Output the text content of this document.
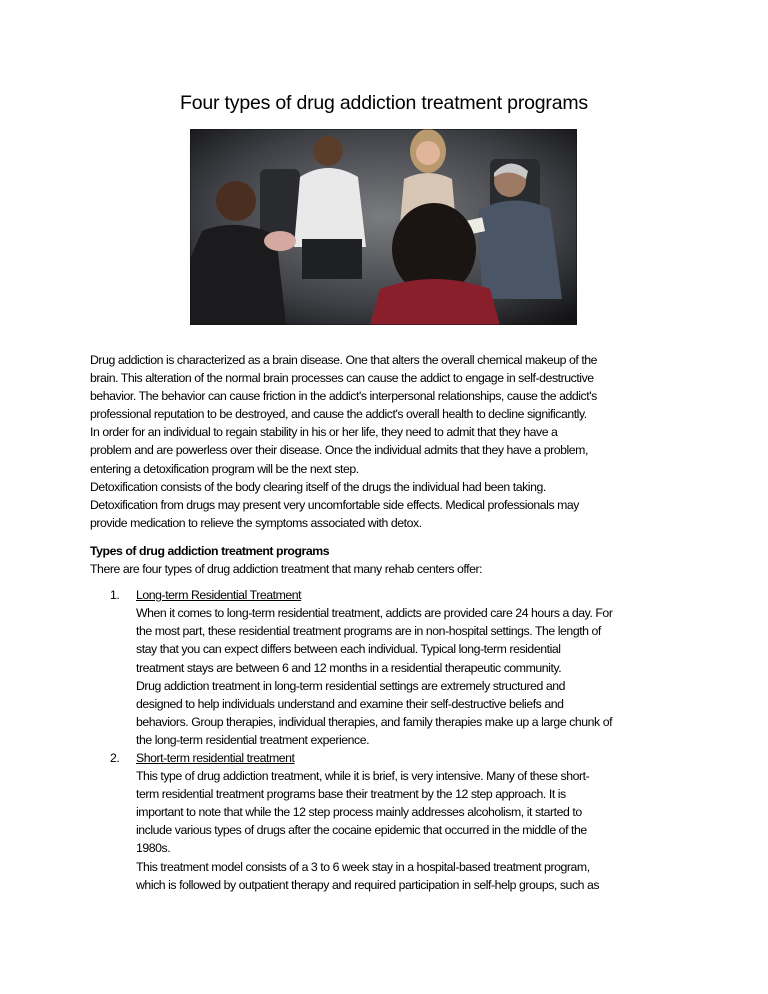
Four types of drug addiction treatment programs

Drug addiction is characterized as a brain disease. One that alters the overall chemical makeup of the
brain. This alteration of the normal brain processes can cause the addict to engage in self-destructive
behavior. The behavior can cause friction in the addict's interpersonal relationships, cause the addict's
professional reputation to be destroyed, and cause the addict's overall health to decline significantly.
In order for an individual to regain stability in his or her life, they need to admit that they have a
problem and are powerless over their disease. Once the individual admits that they have a problem,
entering a detoxification program will be the next step.
Detoxification consists of the body clearing itself of the drugs the individual had been taking.
Detoxification from drugs may present very uncomfortable side effects. Medical professionals may
provide medication to relieve the symptoms associated with detox.

Types of drug addiction treatment programs

There are four types of drug addiction treatment that many rehab centers offer:

1. Long-term Residential Treatment
When it comes to long-term residential treatment, addicts are provided care 24 hours a day. For
the most part, these residential treatment programs are in non-hospital settings. The length of
stay that you can expect differs between each individual. Typical long-term residential
treatment stays are between 6 and 12 months in a residential therapeutic community.
Drug addiction treatment in long-term residential settings are extremely structured and
designed to help individuals understand and examine their self-destructive beliefs and
behaviors. Group therapies, individual therapies, and family therapies make up a large chunk of
the long-term residential treatment experience.
2. Short-term residential treatment
This type of drug addiction treatment, while it is brief, is very intensive. Many of these short-
term residential treatment programs base their treatment by the 12 step approach. It is
important to note that while the 12 step process mainly addresses alcoholism, it started to
include various types of drugs after the cocaine epidemic that occurred in the middle of the
1980s.
This treatment model consists of a 3 to 6 week stay in a hospital-based treatment program,
which is followed by outpatient therapy and required participation in self-help groups, such as
